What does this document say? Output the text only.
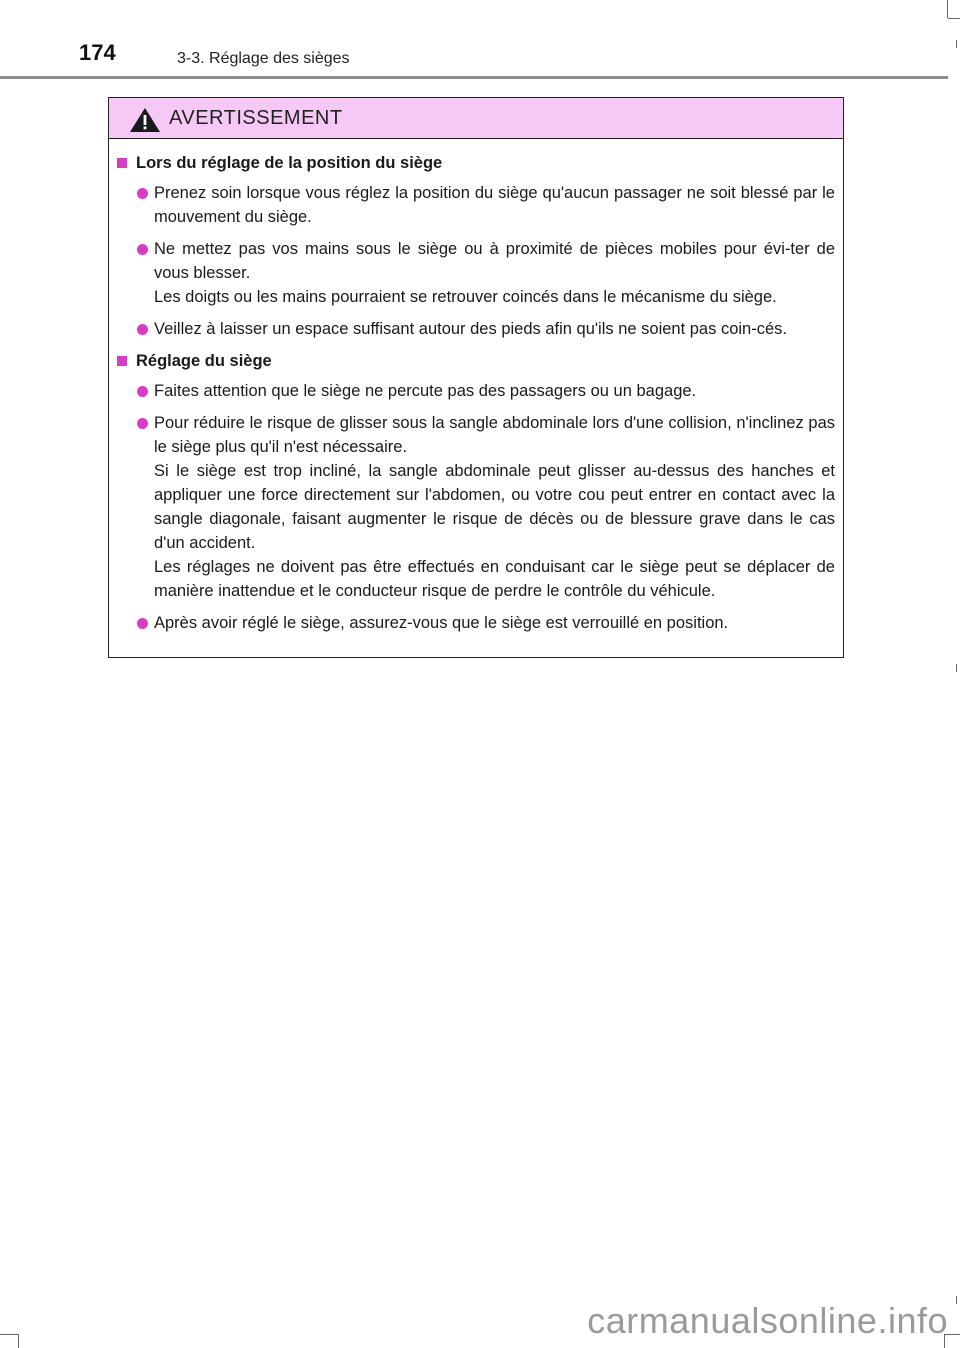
174	3-3. Réglage des sièges
AVERTISSEMENT
Lors du réglage de la position du siège

Prenez soin lorsque vous réglez la position du siège qu'aucun passager ne soit blessé par le mouvement du siège.

Ne mettez pas vos mains sous le siège ou à proximité de pièces mobiles pour évi-ter de vous blesser.

Les doigts ou les mains pourraient se retrouver coincés dans le mécanisme du siège.

Veillez à laisser un espace suffisant autour des pieds afin qu'ils ne soient pas coin-cés.

Réglage du siège

Faites attention que le siège ne percute pas des passagers ou un bagage.

Pour réduire le risque de glisser sous la sangle abdominale lors d'une collision, n'inclinez pas le siège plus qu'il n'est nécessaire.

Si le siège est trop incliné, la sangle abdominale peut glisser au-dessus des hanches et appliquer une force directement sur l'abdomen, ou votre cou peut entrer en contact avec la sangle diagonale, faisant augmenter le risque de décès ou de blessure grave dans le cas d'un accident.

Les réglages ne doivent pas être effectués en conduisant car le siège peut se déplacer de manière inattendue et le conducteur risque de perdre le contrôle du véhicule.

Après avoir réglé le siège, assurez-vous que le siège est verrouillé en position.

carmanualsonline.info
